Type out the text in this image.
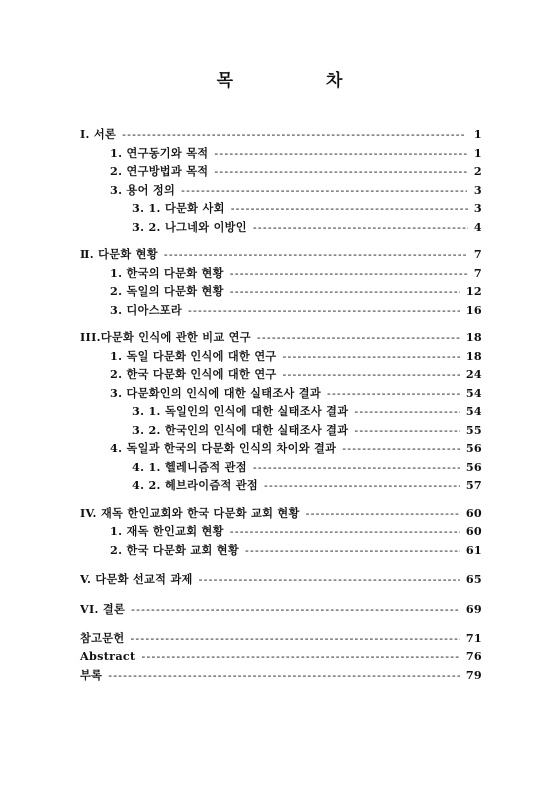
목	차
I. 서론 -----	1
1. 연구동기와 목적 -----	1
2. 연구방법과 목적 -----	2
3. 용어 정의 -----	3
3. 1. 다문화 사회 -----	3
3. 2. 나그네와 이방인 -----	4
Ⅱ. 다문화 현황 -----	7
1. 한국의 다문화 현황 -----	7
2. 독일의 다문화 현황 -----	12
3. 디아스포라 -----	16
III.다문화 인식에 관한 비교 연구 -----	18
1. 독일 다문화 인식에 대한 연구 -----	18
2. 한국 다문화 인식에 대한 연구 -----	24
3. 다문화인의 인식에 대한 실태조사 결과 -----	54
3. 1. 독일인의 인식에 대한 실태조사 결과 -----	54
3. 2. 한국인의 인식에 대한 실태조사 결과 -----	55
4. 독일과 한국의 다문화 인식의 차이와 결과 -----	56
4. 1. 헬레니즘적 관점 -----	56
4. 2. 헤브라이즘적 관점 -----	57
IV. 재독 한인교회와 한국 다문화 교회 현황 -----	60
1. 재독 한인교회 현황 -----	60
2. 한국 다문화 교회 현황 -----	61
V. 다문화 선교적 과제 -----	65
VI. 결론 -----	69
참고문헌 -----	71
Abstract -----	76
부록 -----	79
